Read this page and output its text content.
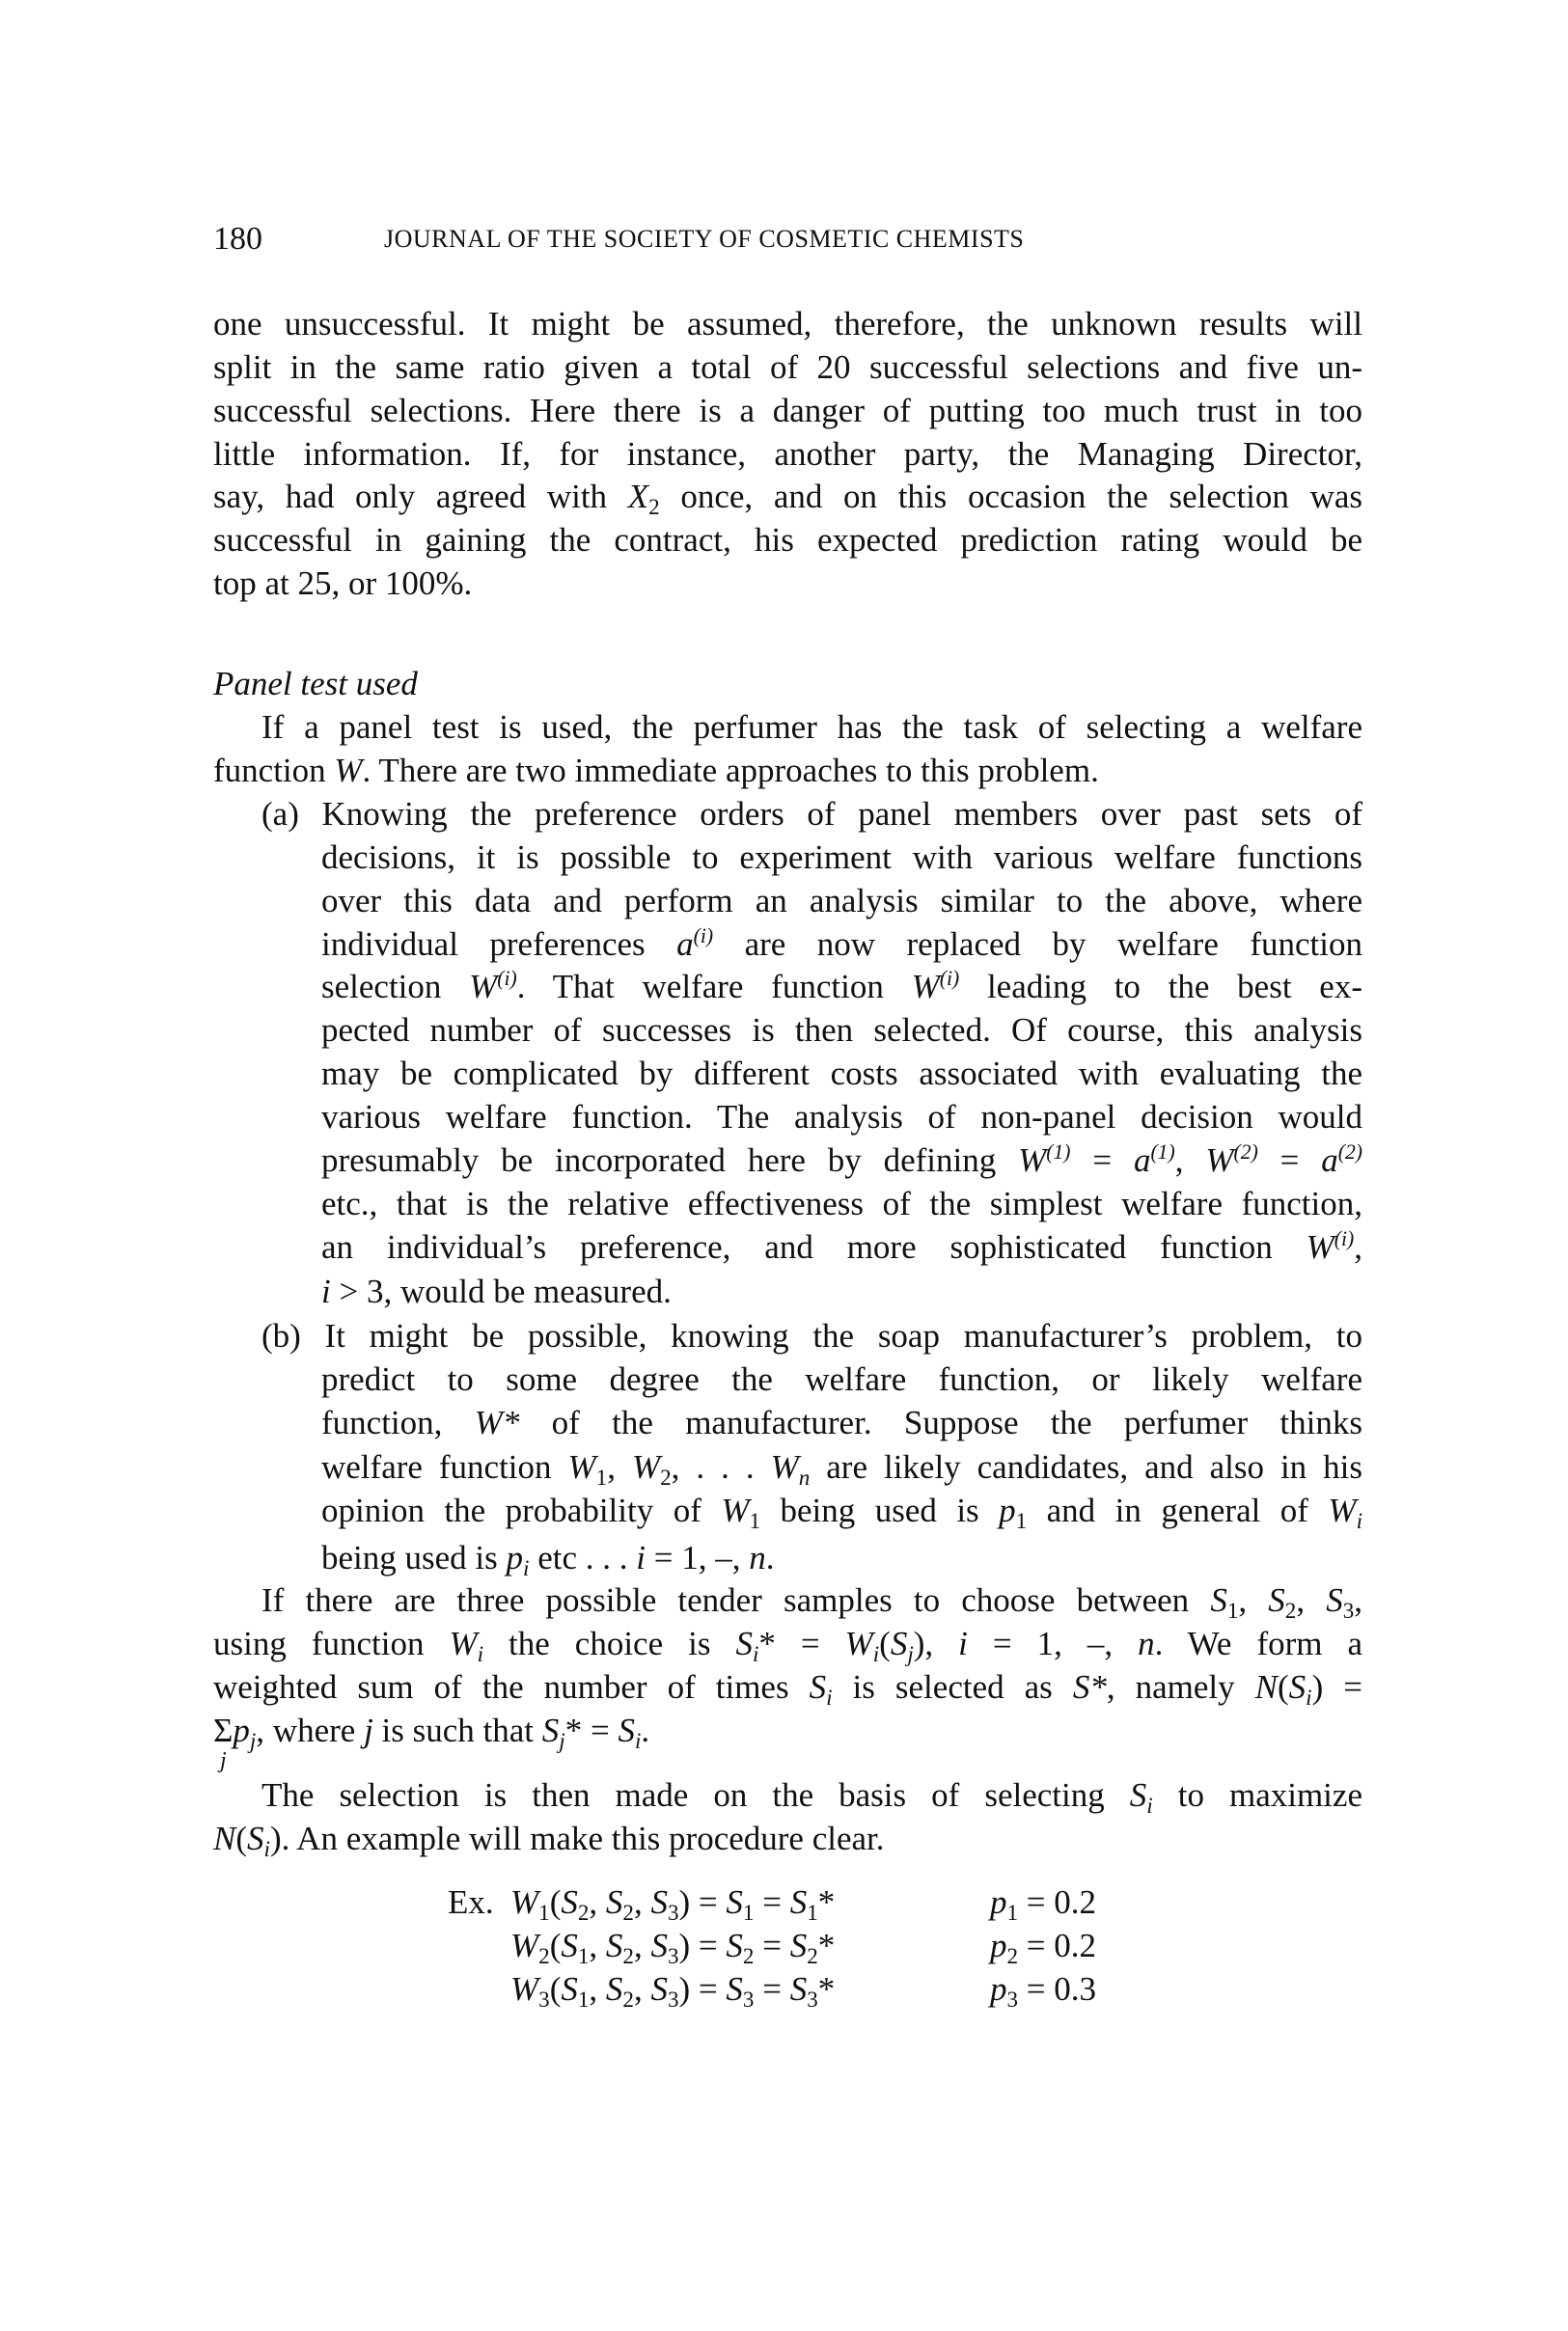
180	JOURNAL OF THE SOCIETY OF COSMETIC CHEMISTS
one unsuccessful. It might be assumed, therefore, the unknown results will
split in the same ratio given a total of 20 successful selections and five un-
successful selections. Here there is a danger of putting too much trust in too
little information. If, for instance, another party, the Managing Director,
say, had only agreed with $X_2$ once, and on this occasion the selection was
successful in gaining the contract, his expected prediction rating would be
top at 25, or 100%.
Panel test used
If a panel test is used, the perfumer has the task of selecting a welfare
function W. There are two immediate approaches to this problem.
(a) Knowing the preference orders of panel members over past sets of
decisions, it is possible to experiment with various welfare functions
over this data and perform an analysis similar to the above, where
individual preferences $a^{(i)}$ are now replaced by welfare function
selection $W^{(i)}$. That welfare function $W^{(i)}$ leading to the best ex-
pected number of successes is then selected. Of course, this analysis
may be complicated by different costs associated with evaluating the
various welfare function. The analysis of non-panel decision would
presumably be incorporated here by defining $W^{(1)} = a^{(1)}$, $W^{(2)} = a^{(2)}$
etc., that is the relative effectiveness of the simplest welfare function,
an individual’s preference, and more sophisticated function $W^{(i)}$,
i > 3, would be measured.
(b) It might be possible, knowing the soap manufacturer’s problem, to
predict to some degree the welfare function, or likely welfare
function, W* of the manufacturer. Suppose the perfumer thinks
welfare function $W_1$, $W_2$, . . . Wn are likely candidates, and also in his
opinion the probability of $W_1$ being used is $p_1$ and in general of Wi
being used is pi etc . . . i = 1, –, n.
If there are three possible tender samples to choose between $S_1$, $S_2$, $S_3$,
using function Wi the choice is Si* = Wi(Sj), i = 1, –, n. We form a
weighted sum of the number of times Si is selected as S*, namely N(Si) =
Σpj, where j is such that Sj* = Si.
The selection is then made on the basis of selecting Si to maximize
N(Si). An example will make this procedure clear.
Ex. $W_1(S_2$, $S_2$, $S_3) = S_1 = S_1*$	$p_1 = 0.2$
$W_2(S_1$, $S_2$, $S_3) = S_2 = S_2*$	$p_2 = 0.2$
$W_3(S_1$, $S_2$, $S_3) = S_3 = S_3*$	$p_3 = 0.3$
j
